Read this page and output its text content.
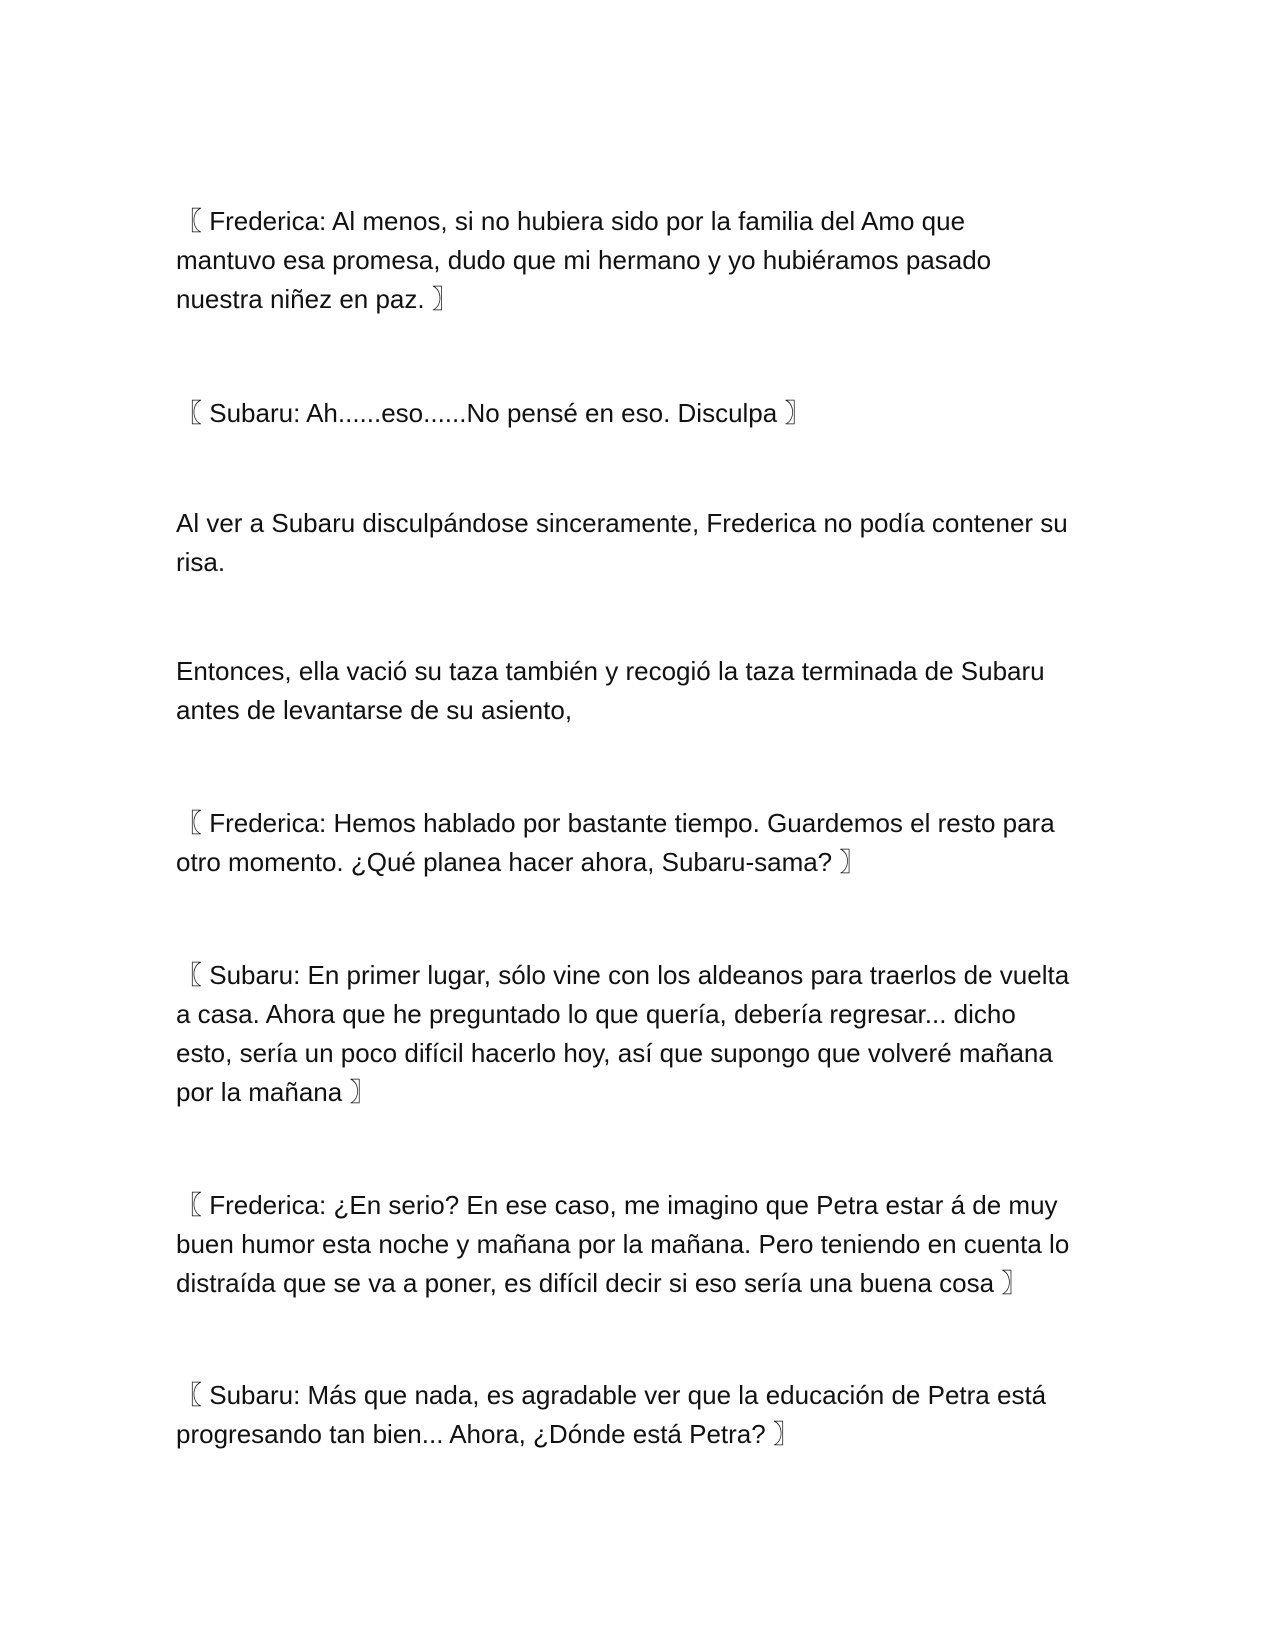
〖 Frederica: Al menos, si no hubiera sido por la familia del Amo que
mantuvo esa promesa, dudo que mi hermano y yo hubiéramos pasado
nuestra niñez en paz. 〗

〖 Subaru: Ah......eso......No pensé en eso. Disculpa 〗

Al ver a Subaru disculpándose sinceramente, Frederica no podía contener su
risa.

Entonces, ella vació su taza también y recogió la taza terminada de Subaru
antes de levantarse de su asiento,

〖 Frederica: Hemos hablado por bastante tiempo. Guardemos el resto para
otro momento. ¿Qué planea hacer ahora, Subaru-sama? 〗

〖 Subaru: En primer lugar, sólo vine con los aldeanos para traerlos de vuelta
a casa. Ahora que he preguntado lo que quería, debería regresar... dicho
esto, sería un poco difícil hacerlo hoy, así que supongo que volveré mañana
por la mañana 〗

〖 Frederica: ¿En serio? En ese caso, me imagino que Petra estar á de muy
buen humor esta noche y mañana por la mañana. Pero teniendo en cuenta lo
distraída que se va a poner, es difícil decir si eso sería una buena cosa 〗

〖 Subaru: Más que nada, es agradable ver que la educación de Petra está
progresando tan bien... Ahora, ¿Dónde está Petra? 〗
